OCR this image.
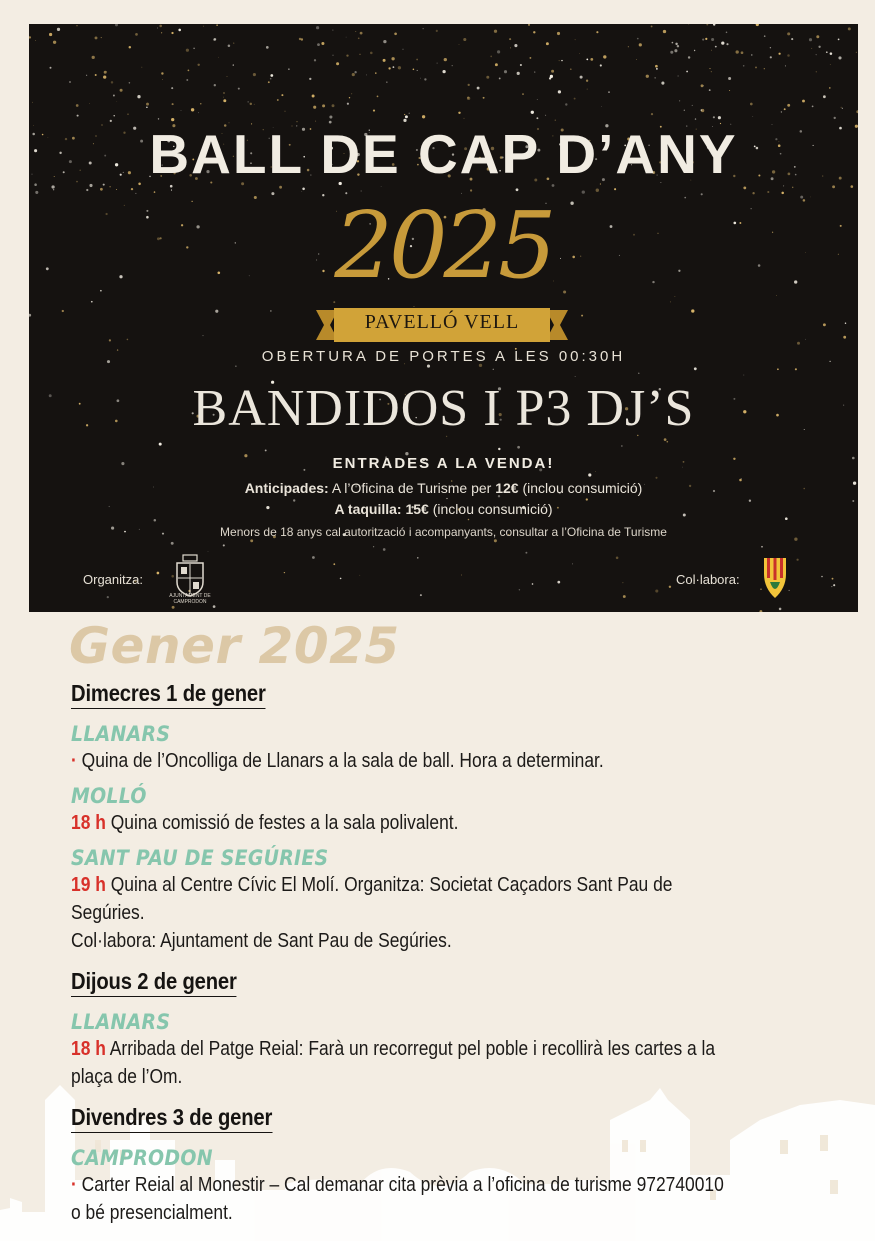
BALL DE CAP D’ANY
2025
PAVELLÓ VELL
OBERTURA DE PORTES A LES 00:30H
BANDIDOS I P3 DJ’S
ENTRADES A LA VENDA!
Anticipades: A l’Oficina de Turisme per 12€ (inclou consumició)
A taquilla: 15€ (inclou consumició)
Menors de 18 anys cal autorització i acompanyants, consultar a l’Oficina de Turisme
Organitza:
AJUNTAMENT DE CAMPRODON
Col·labora:
Gener 2025
Dimecres 1 de gener
LLANARS
· Quina de l’Oncolliga de Llanars a la sala de ball. Hora a determinar.
MOLLÓ
18 h Quina comissió de festes a la sala polivalent.
SANT PAU DE SEGÚRIES
19 h Quina al Centre Cívic El Molí. Organitza: Societat Caçadors Sant Pau de Segúries.
Col·labora: Ajuntament de Sant Pau de Segúries.
Dijous 2 de gener
LLANARS
18 h Arribada del Patge Reial: Farà un recorregut pel poble i recollirà les cartes a la
plaça de l’Om.
Divendres 3 de gener
CAMPRODON
· Carter Reial al Monestir – Cal demanar cita prèvia a l’oficina de turisme 972740010
o bé presencialment.
